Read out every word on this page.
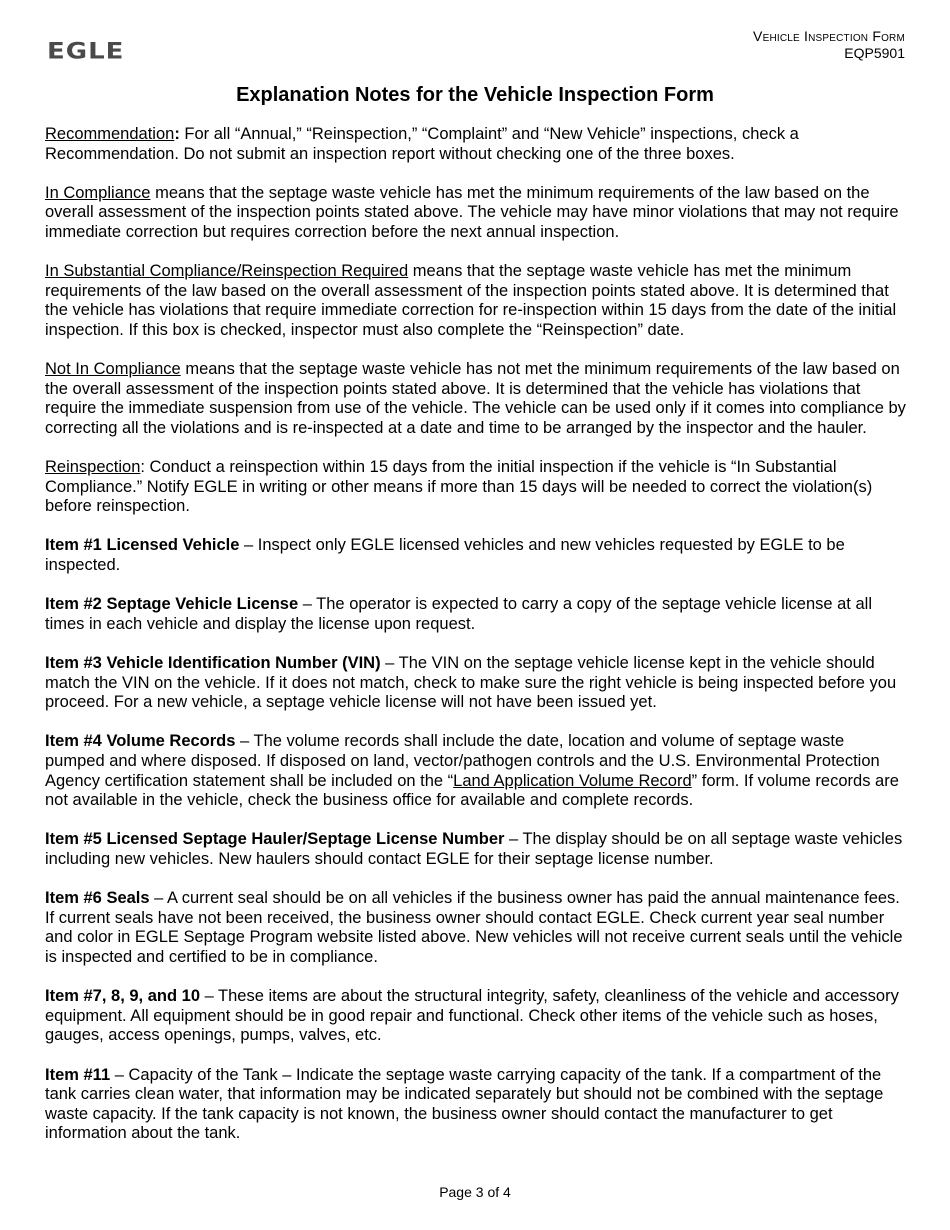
EGLE
Vehicle Inspection Form
EQP5901
Explanation Notes for the Vehicle Inspection Form

Recommendation: For all “Annual,” “Reinspection,” “Complaint” and “New Vehicle” inspections, check a Recommendation. Do not submit an inspection report without checking one of the three boxes.

In Compliance means that the septage waste vehicle has met the minimum requirements of the law based on the overall assessment of the inspection points stated above. The vehicle may have minor violations that may not require immediate correction but requires correction before the next annual inspection.

In Substantial Compliance/Reinspection Required means that the septage waste vehicle has met the minimum requirements of the law based on the overall assessment of the inspection points stated above. It is determined that the vehicle has violations that require immediate correction for re-inspection within 15 days from the date of the initial inspection. If this box is checked, inspector must also complete the “Reinspection” date.

Not In Compliance means that the septage waste vehicle has not met the minimum requirements of the law based on the overall assessment of the inspection points stated above. It is determined that the vehicle has violations that require the immediate suspension from use of the vehicle. The vehicle can be used only if it comes into compliance by correcting all the violations and is re-inspected at a date and time to be arranged by the inspector and the hauler.

Reinspection: Conduct a reinspection within 15 days from the initial inspection if the vehicle is “In Substantial Compliance.” Notify EGLE in writing or other means if more than 15 days will be needed to correct the violation(s) before reinspection.

Item #1 Licensed Vehicle – Inspect only EGLE licensed vehicles and new vehicles requested by EGLE to be inspected.

Item #2 Septage Vehicle License – The operator is expected to carry a copy of the septage vehicle license at all times in each vehicle and display the license upon request.

Item #3 Vehicle Identification Number (VIN) – The VIN on the septage vehicle license kept in the vehicle should match the VIN on the vehicle. If it does not match, check to make sure the right vehicle is being inspected before you proceed. For a new vehicle, a septage vehicle license will not have been issued yet.

Item #4 Volume Records – The volume records shall include the date, location and volume of septage waste pumped and where disposed. If disposed on land, vector/pathogen controls and the U.S. Environmental Protection Agency certification statement shall be included on the “Land Application Volume Record” form. If volume records are not available in the vehicle, check the business office for available and complete records.

Item #5 Licensed Septage Hauler/Septage License Number – The display should be on all septage waste vehicles including new vehicles. New haulers should contact EGLE for their septage license number.

Item #6 Seals – A current seal should be on all vehicles if the business owner has paid the annual maintenance fees. If current seals have not been received, the business owner should contact EGLE. Check current year seal number and color in EGLE Septage Program website listed above. New vehicles will not receive current seals until the vehicle is inspected and certified to be in compliance.

Item #7, 8, 9, and 10 – These items are about the structural integrity, safety, cleanliness of the vehicle and accessory equipment. All equipment should be in good repair and functional. Check other items of the vehicle such as hoses, gauges, access openings, pumps, valves, etc.

Item #11 – Capacity of the Tank – Indicate the septage waste carrying capacity of the tank. If a compartment of the tank carries clean water, that information may be indicated separately but should not be combined with the septage waste capacity. If the tank capacity is not known, the business owner should contact the manufacturer to get information about the tank.

Page 3 of 4
